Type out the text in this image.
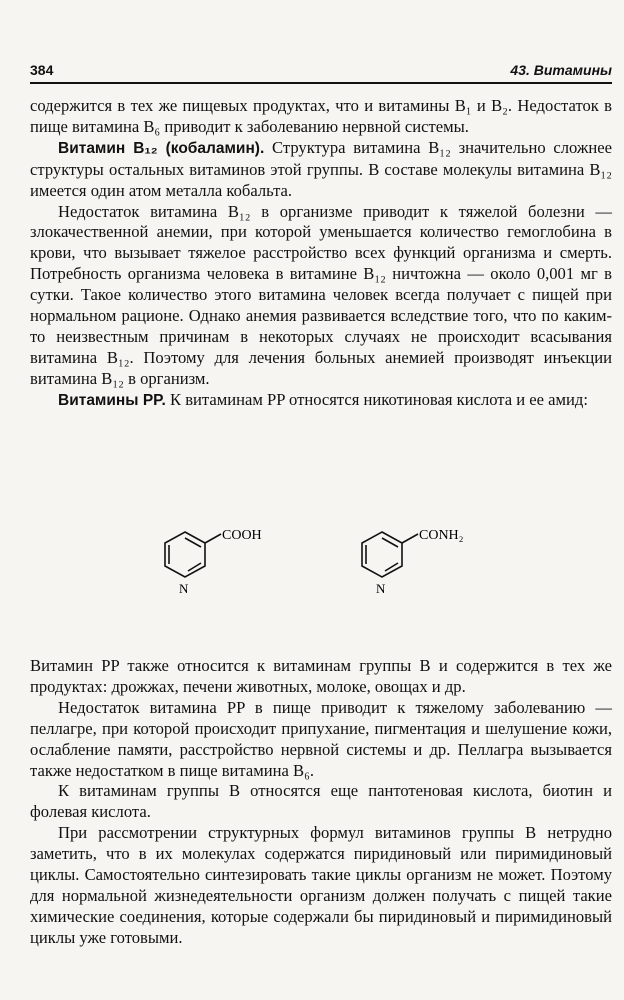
384	43. Витамины

содержится в тех же пищевых продуктах, что и витамины B₁ и B₂. Недостаток в пище витамина B₆ приводит к заболеванию нервной системы.

Витамин B₁₂ (кобаламин). Структура витамина B₁₂ значительно сложнее структуры остальных витаминов этой группы. В составе молекулы витамина B₁₂ имеется один атом металла кобальта.

Недостаток витамина B₁₂ в организме приводит к тяжелой болезни — злокачественной анемии, при которой уменьшается количество гемоглобина в крови, что вызывает тяжелое расстройство всех функций организма и смерть. Потребность организма человека в витамине B₁₂ ничтожна — около 0,001 мг в сутки. Такое количество этого витамина человек всегда получает с пищей при нормальном рационе. Однако анемия развивается вследствие того, что по каким-то неизвестным причинам в некоторых случаях не происходит всасывания витамина B₁₂. Поэтому для лечения больных анемией производят инъекции витамина B₁₂ в организм.

Витамины PP. К витаминам PP относятся никотиновая кислота и ее амид:

COOH
N
CONH₂
N

Витамин PP также относится к витаминам группы B и содержится в тех же продуктах: дрожжах, печени животных, молоке, овощах и др.

Недостаток витамина PP в пище приводит к тяжелому заболеванию — пеллагре, при которой происходит припухание, пигментация и шелушение кожи, ослабление памяти, расстройство нервной системы и др. Пеллагра вызывается также недостатком в пище витамина B₆.

К витаминам группы B относятся еще пантотеновая кислота, биотин и фолевая кислота.

При рассмотрении структурных формул витаминов группы B нетрудно заметить, что в их молекулах содержатся пиридиновый или пиримидиновый циклы. Самостоятельно синтезировать такие циклы организм не может. Поэтому для нормальной жизнедеятельности организм должен получать с пищей такие химические соединения, которые содержали бы пиридиновый и пиримидиновый циклы уже готовыми.
